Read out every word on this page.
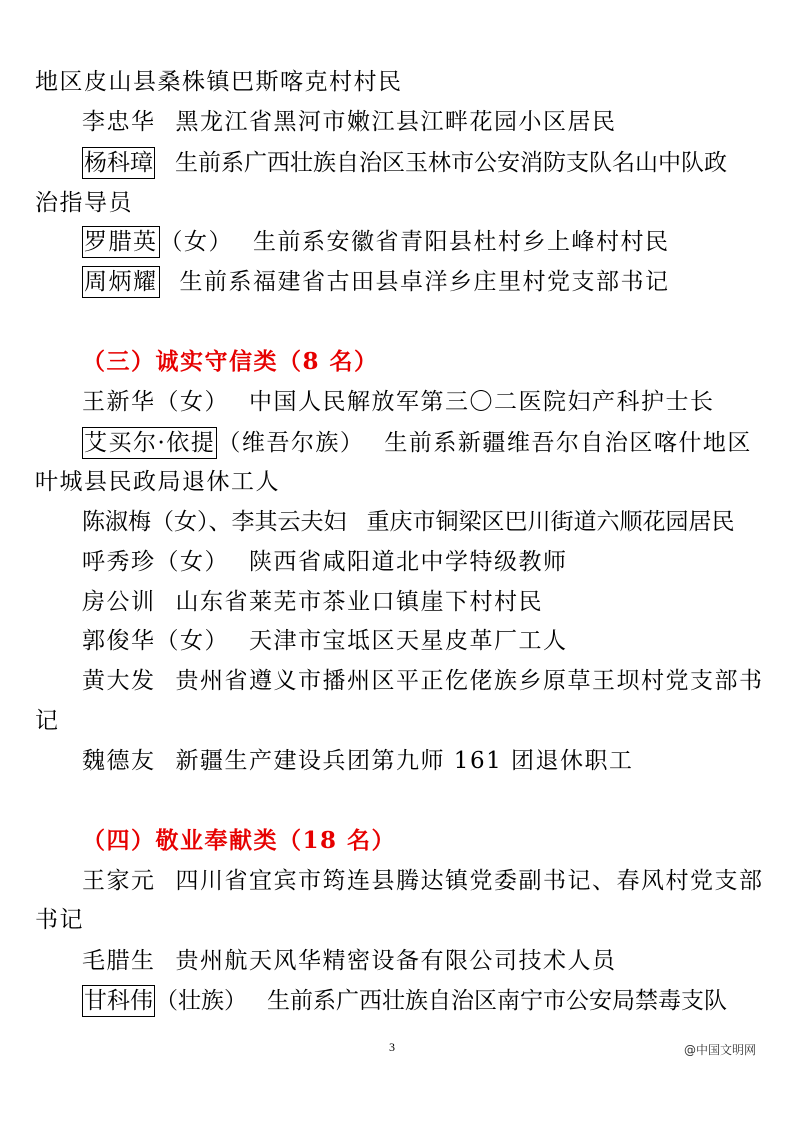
地区皮山县桑株镇巴斯喀克村村民
李忠华 黑龙江省黑河市嫩江县江畔花园小区居民
杨科璋 生前系广西壮族自治区玉林市公安消防支队名山中队政
治指导员
罗腊英（女） 生前系安徽省青阳县杜村乡上峰村村民
周炳耀 生前系福建省古田县卓洋乡庄里村党支部书记
（三）诚实守信类（8 名）
王新华（女） 中国人民解放军第三〇二医院妇产科护士长
艾买尔·依提（维吾尔族） 生前系新疆维吾尔自治区喀什地区
叶城县民政局退休工人
陈淑梅（女）、李其云夫妇 重庆市铜梁区巴川街道六顺花园居民
呼秀珍（女） 陕西省咸阳道北中学特级教师
房公训 山东省莱芜市茶业口镇崖下村村民
郭俊华（女） 天津市宝坻区天星皮革厂工人
黄大发 贵州省遵义市播州区平正仡佬族乡原草王坝村党支部书
记
魏德友 新疆生产建设兵团第九师 161 团退休职工
（四）敬业奉献类（18 名）
王家元 四川省宜宾市筠连县腾达镇党委副书记、春风村党支部
书记
毛腊生 贵州航天风华精密设备有限公司技术人员
甘科伟（壮族） 生前系广西壮族自治区南宁市公安局禁毒支队
3	@中国文明网
